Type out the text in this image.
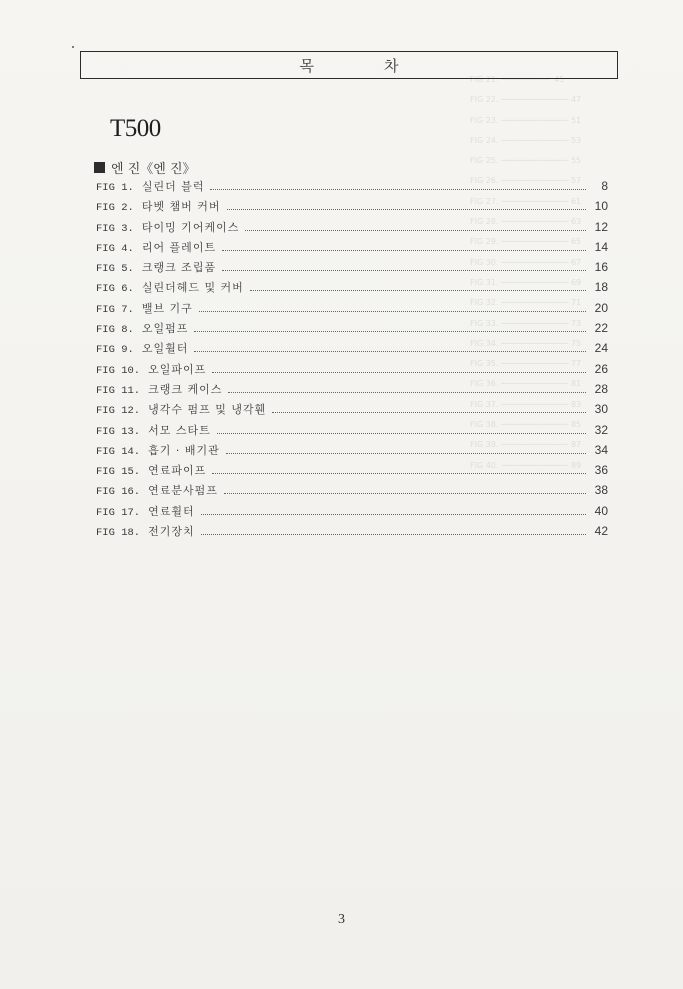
FIG 21. ──────────  45
FIG 22. ────────────── 47
FIG 23. ────────────── 51
FIG 24. ────────────── 53
FIG 25. ────────────── 55
FIG 26. ────────────── 57
FIG 27. ────────────── 61
FIG 28. ────────────── 63
FIG 29. ────────────── 65
FIG 30. ────────────── 67
FIG 31. ────────────── 69
FIG 32. ────────────── 71
FIG 33. ────────────── 73
FIG 34. ────────────── 75
FIG 35. ────────────── 77
FIG 36. ────────────── 81
FIG 37. ────────────── 83
FIG 38. ────────────── 85
FIG 39. ────────────── 87
FIG 40. ────────────── 89
목	차
T500
엔 진《엔 진》
FIG 1. 실린더 블럭	8
FIG 2. 타벳 챔버 커버	10
FIG 3. 타이밍 기어케이스	12
FIG 4. 리어 플레이트	14
FIG 5. 크랭크 조립품	16
FIG 6. 실린더헤드 및 커버	18
FIG 7. 밸브 기구	20
FIG 8. 오일펌프	22
FIG 9. 오일휠터	24
FIG 10. 오일파이프	26
FIG 11. 크랭크 케이스	28
FIG 12. 냉각수 펌프 및 냉각휀	30
FIG 13. 서모 스타트	32
FIG 14. 흡기 · 배기관	34
FIG 15. 연료파이프	36
FIG 16. 연료분사펌프	38
FIG 17. 연료휠터	40
FIG 18. 전기장치	42
3
